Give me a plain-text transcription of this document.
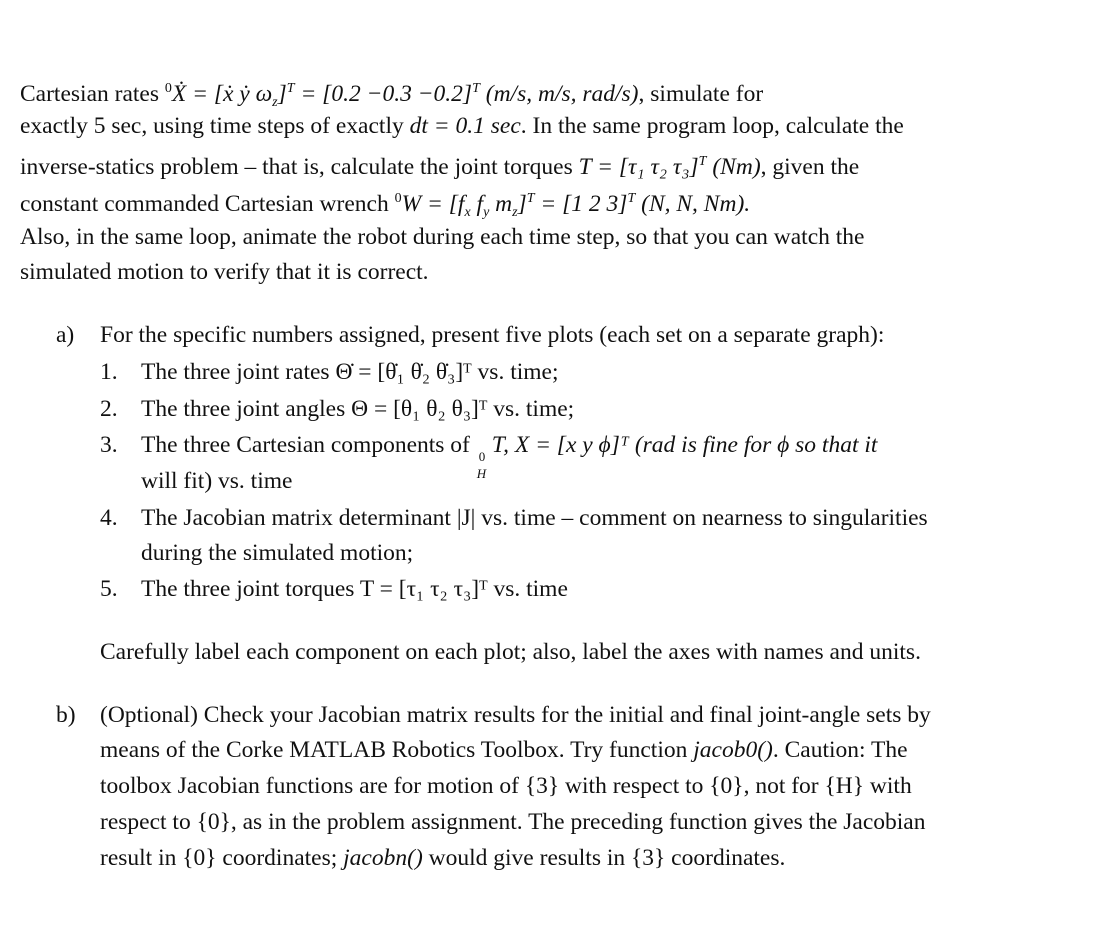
Cartesian rates $^0$Ẋ = [ẋ ẏ $\omega_z]^T = [0.2 -0.3 -0.2]^T$ (m/s, m/s, rad/s), simulate for
exactly 5 sec, using time steps of exactly dt = 0.1 sec. In the same program loop, calculate the
inverse-statics problem – that is, calculate the joint torques T = [τ₁ τ₂ τ₃]$^T$ (Nm), given the
constant commanded Cartesian wrench $^0W = [f_x$ $f_y$ $m_z]^T = [1$ 2 3]$^T$ (N, N, Nm).
Also, in the same loop, animate the robot during each time step, so that you can watch the
simulated motion to verify that it is correct.
a) For the specific numbers assigned, present five plots (each set on a separate graph):
1. The three joint rates Θ̇ = [θ̇₁ θ̇₂ θ̇₃]ᵀ vs. time;
2. The three joint angles Θ = [θ₁ θ₂ θ₃]ᵀ vs. time;
3. The three Cartesian components of 0
H
T, X = [x y ϕ]ᵀ (rad is fine for ϕ so that it
will fit) vs. time
4. The Jacobian matrix determinant |J| vs. time – comment on nearness to singularities
during the simulated motion;
5. The three joint torques T = [τ₁ τ₂ τ₃]ᵀ vs. time
Carefully label each component on each plot; also, label the axes with names and units.
b) (Optional) Check your Jacobian matrix results for the initial and final joint-angle sets by
means of the Corke MATLAB Robotics Toolbox. Try function jacob0(). Caution: The
toolbox Jacobian functions are for motion of {3} with respect to {0}, not for {H} with
respect to {0}, as in the problem assignment. The preceding function gives the Jacobian
result in {0} coordinates; jacobn() would give results in {3} coordinates.
